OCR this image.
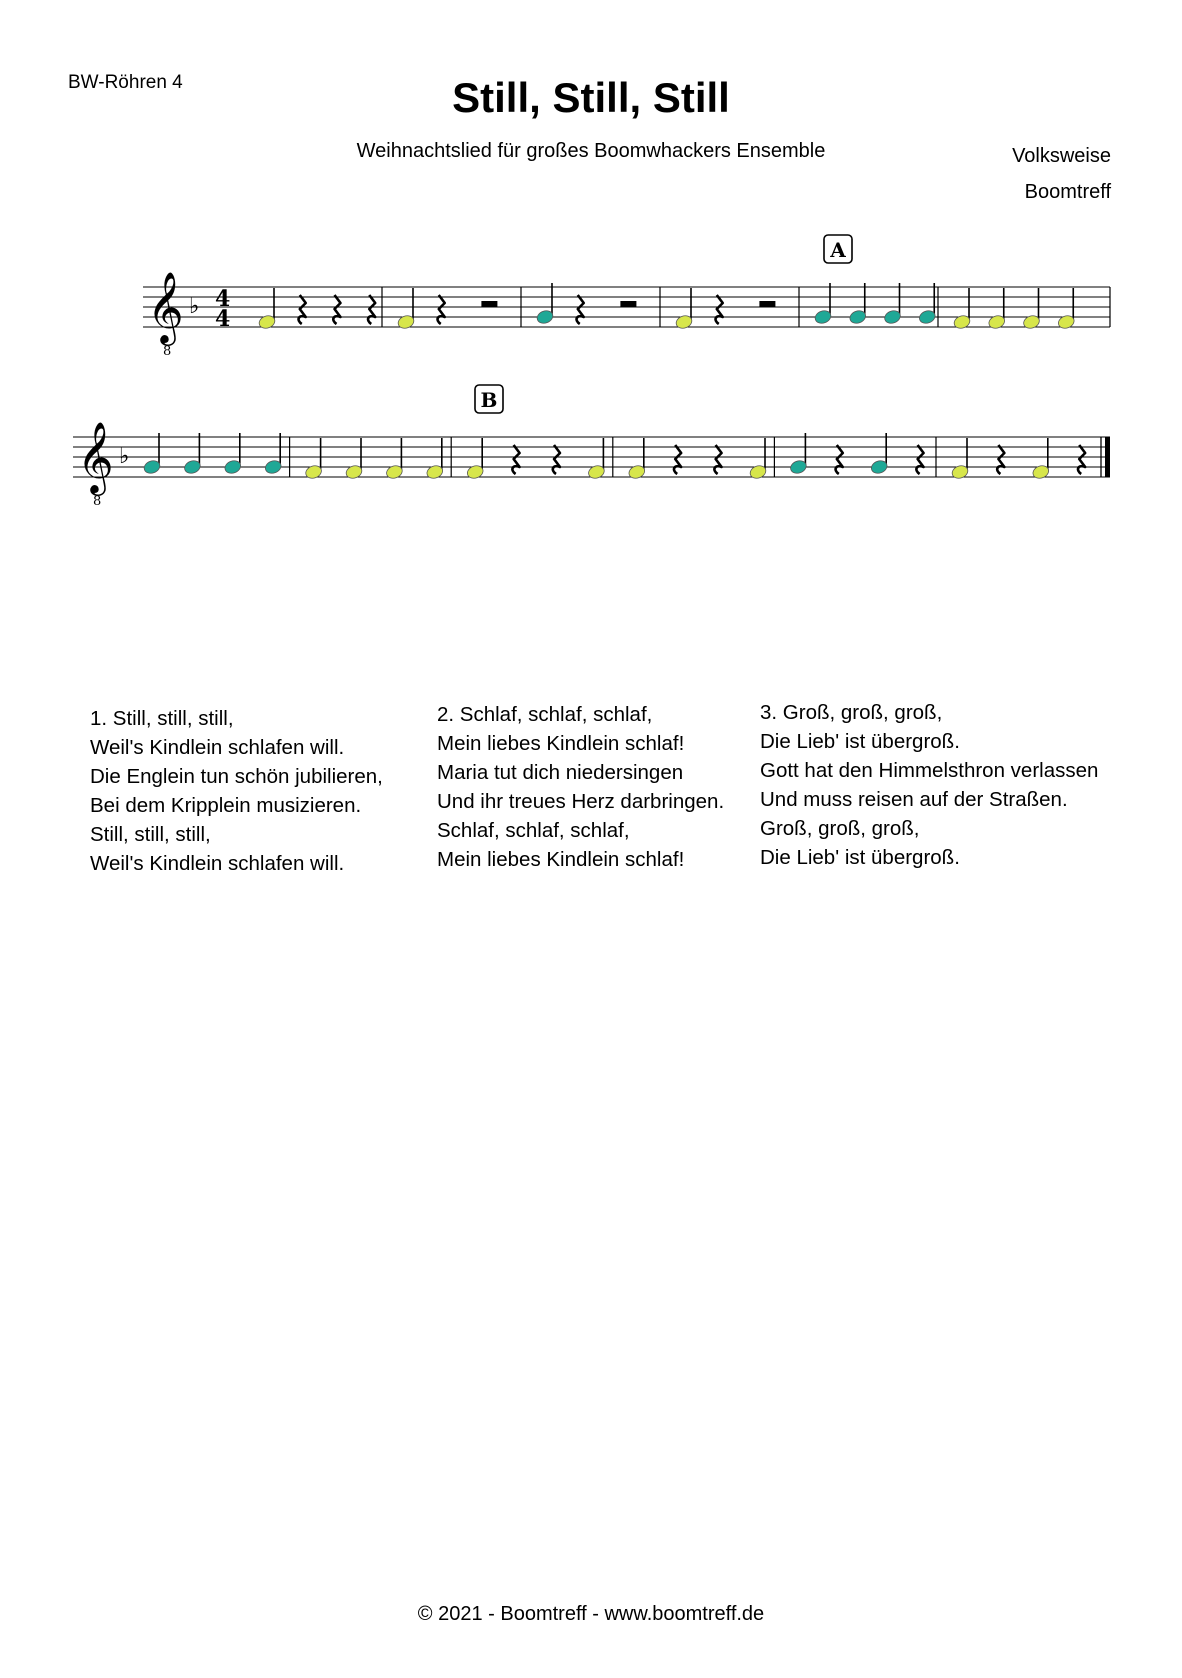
BW-Röhren 4	Still, Still, Still
Weihnachtslied für großes Boomwhackers Ensemble	Volksweise
Boomtreff
𝄞
8
♭ 4
4
A
𝄞
8
♭
B
1. Still, still, still,
Weil's Kindlein schlafen will.
Die Englein tun schön jubilieren,
Bei dem Kripplein musizieren.
Still, still, still,
Weil's Kindlein schlafen will.
2. Schlaf, schlaf, schlaf,
Mein liebes Kindlein schlaf!
Maria tut dich niedersingen
Und ihr treues Herz darbringen.
Schlaf, schlaf, schlaf,
Mein liebes Kindlein schlaf!
3. Groß, groß, groß,
Die Lieb' ist übergroß.
Gott hat den Himmelsthron verlassen
Und muss reisen auf der Straßen.
Groß, groß, groß,
Die Lieb' ist übergroß.
© 2021 - Boomtreff - www.boomtreff.de
